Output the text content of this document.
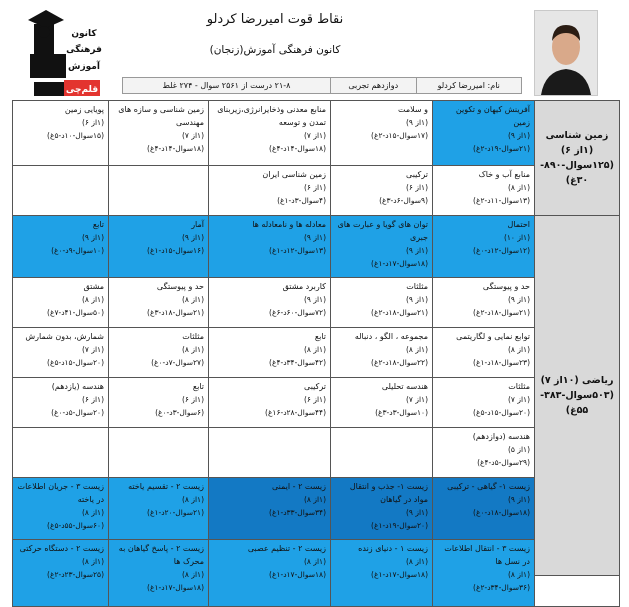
کانون
فرهنگی
آموزش
قلم‌چی
نقاط قوت امیررضا کردلو
کانون فرهنگی آموزش(زنجان)
نام: امیررضا کردلو
دوازدهم تجربی
۲۱-۸ درست از ۲۵۶۱ سوال - ۲۷۴ غلط
زمین شناسی (۱از ۶)
(۱۲۵سوال-۸۹۰-
۳۰غ)
ریاضی (۱۰از ۷)
(۵۰۳سوال-۳۸۳-
۵۵غ)
آفرینش کیهان و تکوین زمین
(۱از ۹)
(۲۱سوال-۱۹د-۲غ)
و سلامت
(۱از ۹)
(۱۷سوال-۱۵د-۲غ)
منابع معدنی وذخایرانرژی،زیربنای تمدن و توسعه
(۱از ۷)
(۱۸سوال-۱۴د-۴غ)
زمین شناسی و سازه های مهندسی
(۱از ۷)
(۱۸سوال-۱۴د-۴غ)
پویایی زمین
(۱از ۶)
(۱۵سوال-۱۰د-۵غ)
منابع آب و خاک
(۱از ۸)
(۱۳سوال-۱۱د-۲غ)
ترکیبی
(۱از ۶)
(۹سوال-۶د-۳غ)
زمین شناسی ایران
(۱از ۶)
(۴سوال-۳د-۱غ)
احتمال
(۱از ۱۰)
(۱۲سوال-۱۲د-۰غ)
توان های گویا و عبارت های جبری
(۱از ۹)
(۱۸سوال-۱۷د-۱غ)
معادله ها و نامعادله ها
(۱از ۹)
(۱۳سوال-۱۲د-۱غ)
آمار
(۱از ۹)
(۱۶سوال-۱۵د-۱غ)
تابع
(۱از ۹)
(۱۰سوال-۹د-۰غ)
حد و پیوستگی
(۱از ۹)
(۲۱سوال-۱۸د-۲غ)
مثلثات
(۱از ۹)
(۲۱سوال-۱۸د-۲غ)
کاربرد مشتق
(۱از ۹)
(۷۲سوال-۶۰د-۶غ)
حد و پیوستگی
(۱از ۸)
(۲۱سوال-۱۸د-۳غ)
مشتق
(۱از ۸)
(۵۰سوال-۴۱د-۷غ)
توابع نمایی و لگاریتمی
(۱از ۸)
(۲۳سوال-۱۸د-۱غ)
مجموعه ، الگو ، دنباله
(۱از ۸)
(۲۲سوال-۱۸د-۲غ)
تابع
(۱از ۸)
(۴۲سوال-۳۴د-۴غ)
مثلثات
(۱از ۸)
(۲۷سوال-۷د-۰غ)
شمارش، بدون شمارش
(۱از ۷)
(۲۰سوال-۱۵د-۵غ)
مثلثات
(۱از ۷)
(۲۰سوال-۱۵د-۵غ)
هندسه تحلیلی
(۱از ۷)
(۱۰سوال-۳د-۳غ)
ترکیبی
(۱از ۶)
(۴۴سوال-۲۸د-۱۶غ)
تابع
(۱از ۶)
(۶سوال-۳د-۰غ)
هندسه (یازدهم)
(۱از ۶)
(۲۰سوال-۵د-۰غ)
هندسه (دوازدهم)
(۱از ۵)
(۲۹سوال-۵د-۴غ)
زیست ۱- گیاهی - ترکیبی
(۱از ۹)
(۱۸سوال-۱۸د-۰غ)
زیست ۱- جذب و انتقال مواد در گیاهان
(۱از ۹)
(۲۰سوال-۱۹د-۱غ)
زیست ۲ - ایمنی
(۱از ۸)
(۳۴سوال-۳۳د-۱غ)
زیست ۲ - تقسیم یاخته
(۱از ۸)
(۲۱سوال-۲۰د-۱غ)
زیست ۳ - جریان اطلاعات در یاخته
(۱از ۸)
(۶۰سوال-۵۵د-۵غ)
زیست ۳ - انتقال اطلاعات در نسل ها
(۱از ۸)
(۳۶سوال-۳۴د-۲غ)
زیست ۱ - دنیای زنده
(۱از ۸)
(۱۸سوال-۱۷د-۱غ)
زیست ۲ - تنظیم عصبی
(۱از ۸)
(۱۸سوال-۱۷د-۱غ)
زیست ۲ - پاسخ گیاهان به محرک ها
(۱از ۸)
(۱۸سوال-۱۷د-۱غ)
زیست ۲ - دستگاه حرکتی
(۱از ۸)
(۲۵سوال-۲۳د-۲غ)
